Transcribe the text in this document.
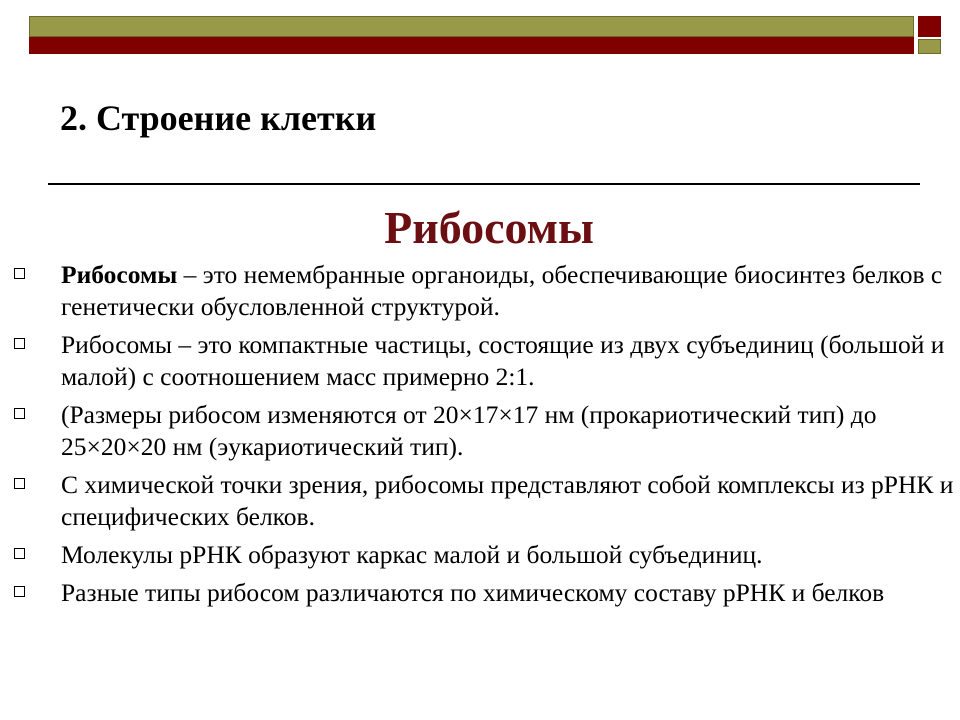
2. Строение клетки
Рибосомы
Рибосомы – это немембранные органоиды, обеспечивающие биосинтез белков с генетически обусловленной структурой.
Рибосомы – это компактные частицы, состоящие из двух субъединиц (большой и малой) с соотношением масс примерно 2:1.
(Размеры рибосом изменяются от 20×17×17 нм (прокариотический тип) до 25×20×20 нм (эукариотический тип).
С химической точки зрения, рибосомы представляют собой комплексы из рРНК и специфических белков.
Молекулы рРНК образуют каркас малой и большой субъединиц.
Разные типы рибосом различаются по химическому составу рРНК и белков
